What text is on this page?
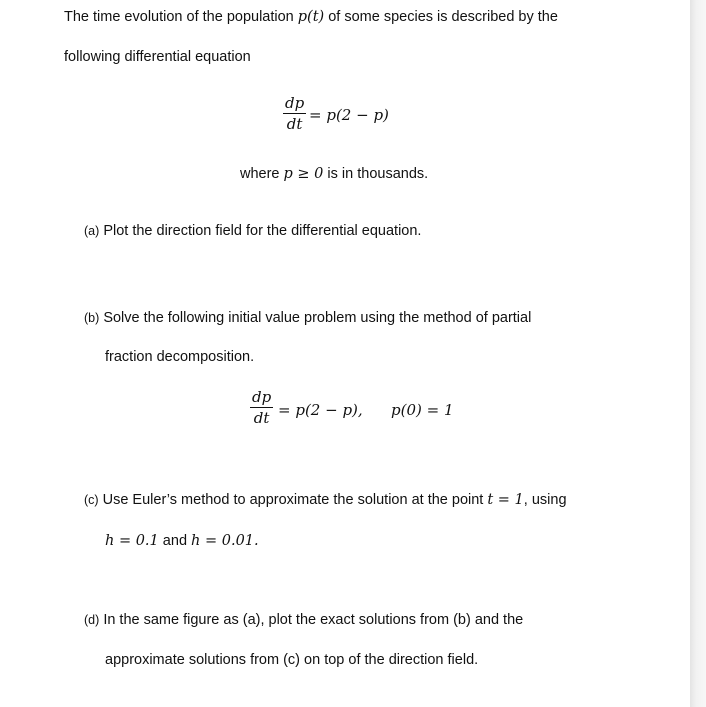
The time evolution of the population p(t) of some species is described by the
following differential equation
dp
dt = p(2 − p)
where p ≥ 0 is in thousands.
(a) Plot the direction field for the differential equation.
(b) Solve the following initial value problem using the method of partial
fraction decomposition.
dp
dt = p(2 − p), p(0) = 1
(c) Use Euler’s method to approximate the solution at the point t = 1, using
h = 0.1 and h = 0.01.
(d) In the same figure as (a), plot the exact solutions from (b) and the
approximate solutions from (c) on top of the direction field.
